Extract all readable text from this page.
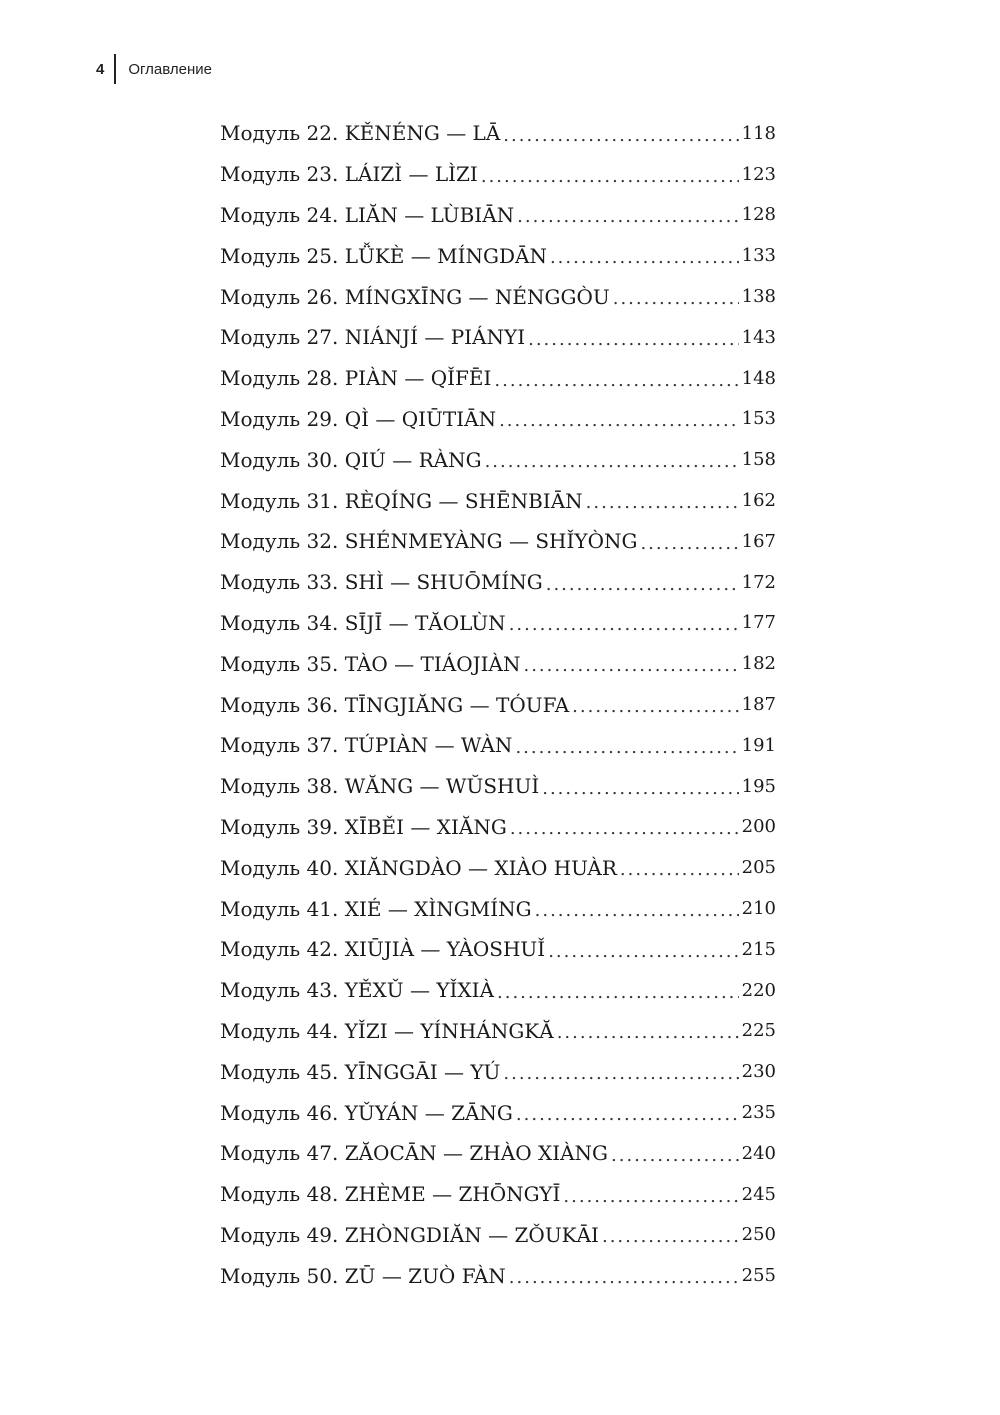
4 Оглавление
Модуль 22. KĚNÉNG — LĀ .....	118
Модуль 23. LÁIZÌ — LÌZI .....	123
Модуль 24. LIĂN — LÙBIĀN .....	128
Модуль 25. LǙKÈ — MÍNGDĀN .....	133
Модуль 26. MÍNGXĪNG — NÉNGGÒU .....	138
Модуль 27. NIÁNJÍ — PIÁNYI .....	143
Модуль 28. PIÀN — QǏFĒI .....	148
Модуль 29. QÌ — QIŪTIĀN .....	153
Модуль 30. QIÚ — RÀNG .....	158
Модуль 31. RÈQÍNG — SHĒNBIĀN .....	162
Модуль 32. SHÉNMEYÀNG — SHǏYÒNG .....	167
Модуль 33. SHÌ — SHUŌMÍNG .....	172
Модуль 34. SĪJĪ — TĂOLÙN .....	177
Модуль 35. TÀO — TIÁOJIÀN .....	182
Модуль 36. TĪNGJIĂNG — TÓUFA .....	187
Модуль 37. TÚPIÀN — WÀN .....	191
Модуль 38. WĂNG — WŬSHUÌ .....	195
Модуль 39. XĪBĚI — XIĂNG .....	200
Модуль 40. XIĂNGDÀO — XIÀO HUÀR .....	205
Модуль 41. XIÉ — XÌNGMÍNG .....	210
Модуль 42. XIŪJIÀ — YÀOSHUǏ .....	215
Модуль 43. YĚXǓ — YǏXIÀ .....	220
Модуль 44. YǏZI — YÍNHÁNGKĂ .....	225
Модуль 45. YĪNGGĀI — YÚ .....	230
Модуль 46. YǓYÁN — ZĀNG .....	235
Модуль 47. ZĂOCĀN — ZHÀO XIÀNG .....	240
Модуль 48. ZHÈME — ZHŌNGYĪ .....	245
Модуль 49. ZHÒNGDIĂN — ZǑUKĀI .....	250
Модуль 50. ZŪ — ZUÒ FÀN .....	255
